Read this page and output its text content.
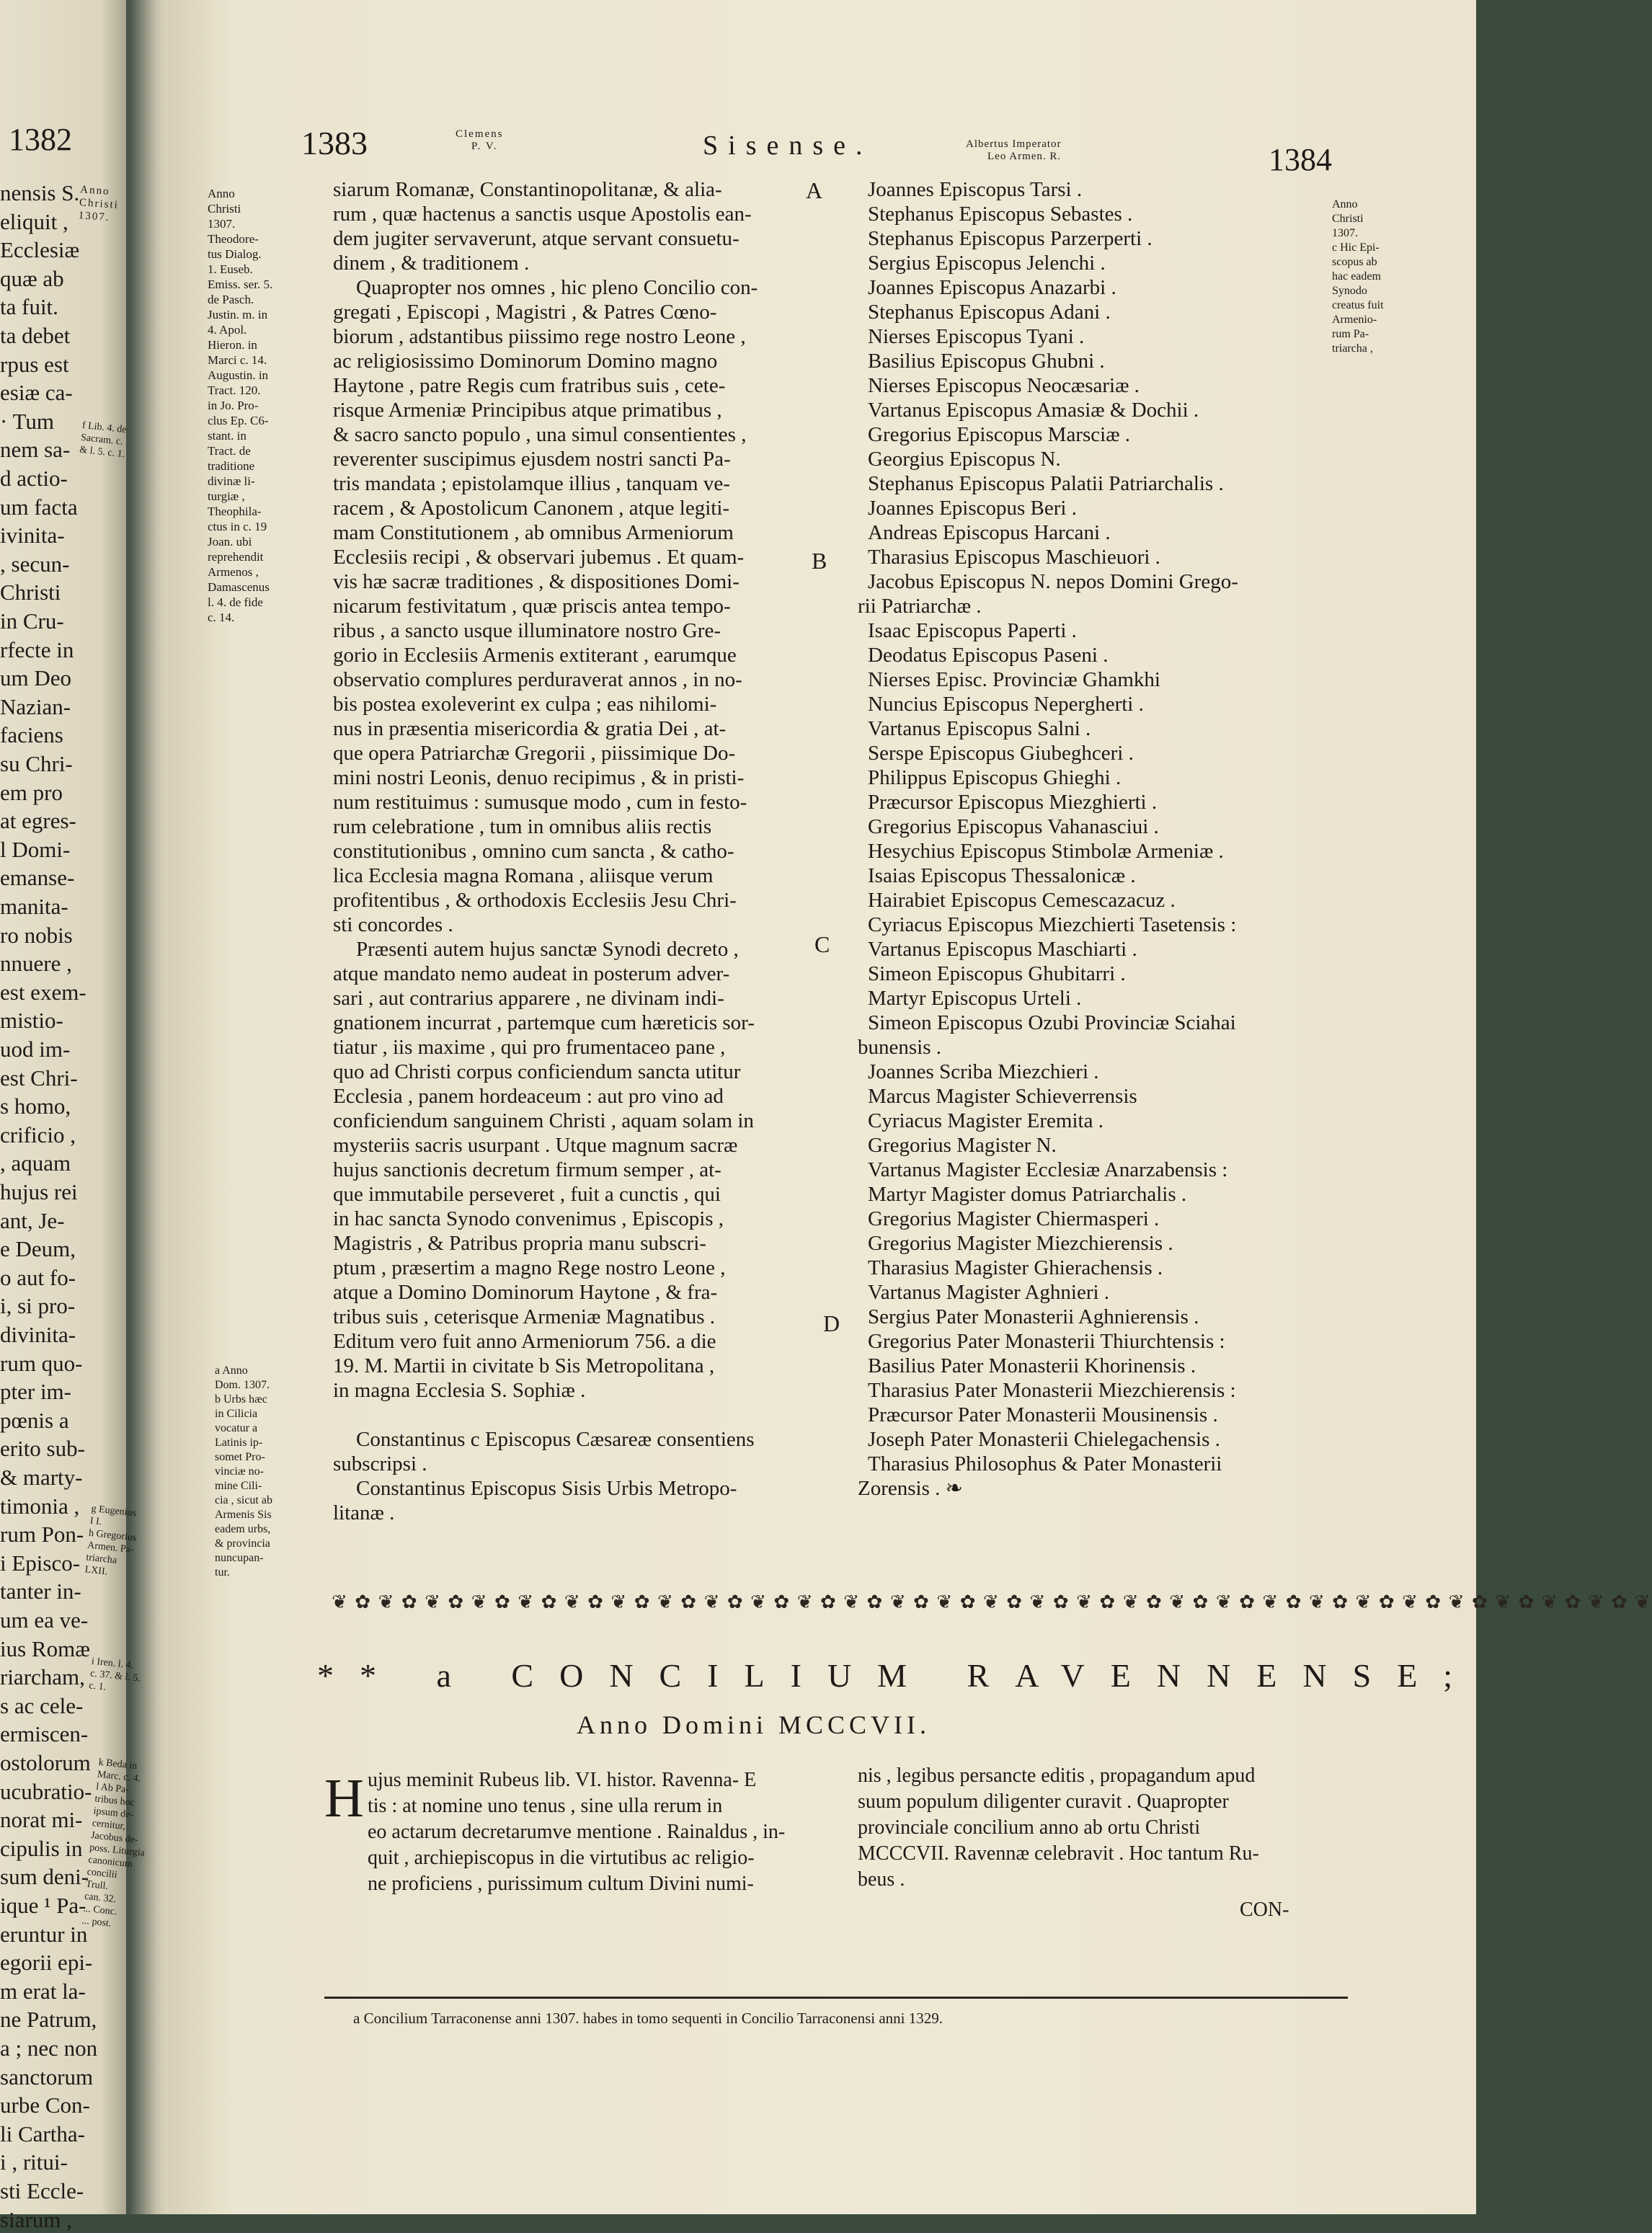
1382
Anno
Christi
1307.
nensis S.
eliquit ,
Ecclesiæ
quæ ab
ta fuit.
ta debet
rpus est
esiæ ca-
· Tum
nem sa-
d actio-
um facta
ivinita-
, secun-
Christi
in Cru-
rfecte in
um Deo
Nazian-
faciens
su Chri-
em pro
at egres-
l Domi-
emanse-
manita-
ro nobis
nnuere ,
est exem-
mistio-
uod im-
est Chri-
s homo,
crificio ,
, aquam
hujus rei
ant, Je-
e Deum,
o aut fo-
i, si pro-
divinita-
rum quo-
pter im-
pœnis a
erito sub-
& marty-
timonia ,
rum Pon-
i Episco-
tanter in-
um ea ve-
ius Romæ
riarcham,
s ac cele-
ermiscen-
ostolorum
ucubratio-
norat mi-
cipulis in
sum deni-
ique ¹ Pa-
eruntur in
egorii epi-
m erat la-
ne Patrum,
a ; nec non
sanctorum
urbe Con-
li Cartha-
i , ritui-
sti Eccle-
siarum ,
f Lib. 4. de
Sacram. c.
& l. 5. c. 1.
g Eugenius
I I.
h Gregorius
Armen. Pa-
triarcha
LXII.
i Iren. l. 4.
c. 37. & l. 5.
c. 1.
k Beda in
Marc. c. 4.
l Ab Pa-
tribus hoc
ipsum de-
cernitur,
Jacobus de-
poss. Liturgia
canonicum
concilii
Trull.
can. 32.
... Conc.
... post.
1383	Clemens
P. V.	Sisense.	Albertus Imperator
Leo Armen. R.	1384
Anno
Christi
1307.
Theodore-
tus Dialog.
1. Euseb.
Emiss. ser. 5.
de Pasch.
Justin. m. in
4. Apol.
Hieron. in
Marci c. 14.
Augustin. in
Tract. 120.
in Jo. Pro-
clus Ep. C6-
stant. in
Tract. de
traditione
divinæ li-
turgiæ ,
Theophila-
ctus in c. 19
Joan. ubi
reprehendit
Armenos ,
Damascenus
l. 4. de fide
c. 14.
a Anno
Dom. 1307.
b Urbs hæc
in Cilicia
vocatur a
Latinis ip-
somet Pro-
vinciæ no-
mine Cili-
cia , sicut ab
Armenis Sis
eadem urbs,
& provincia
nuncupan-
tur.
Anno
Christi
1307.
c Hic Epi-
scopus ab
hac eadem
Synodo
creatus fuit
Armenio-
rum Pa-
triarcha ,
siarum Romanæ, Constantinopolitanæ, & alia-
rum , quæ hactenus a sanctis usque Apostolis ean-
dem jugiter servaverunt, atque servant consuetu-
dinem , & traditionem .
Quapropter nos omnes , hic pleno Concilio con-
gregati , Episcopi , Magistri , & Patres Cœno-
biorum , adstantibus piissimo rege nostro Leone ,
ac religiosissimo Dominorum Domino magno
Haytone , patre Regis cum fratribus suis , cete-
risque Armeniæ Principibus atque primatibus ,
& sacro sancto populo , una simul consentientes ,
reverenter suscipimus ejusdem nostri sancti Pa-
tris mandata ; epistolamque illius , tanquam ve-
racem , & Apostolicum Canonem , atque legiti-
mam Constitutionem , ab omnibus Armeniorum
Ecclesiis recipi , & observari jubemus . Et quam-
vis hæ sacræ traditiones , & dispositiones Domi-
nicarum festivitatum , quæ priscis antea tempo-
ribus , a sancto usque illuminatore nostro Gre-
gorio in Ecclesiis Armenis extiterant , earumque
observatio complures perduraverat annos , in no-
bis postea exoleverint ex culpa ; eas nihilomi-
nus in præsentia misericordia & gratia Dei , at-
que opera Patriarchæ Gregorii , piissimique Do-
mini nostri Leonis, denuo recipimus , & in pristi-
num restituimus : sumusque modo , cum in festo-
rum celebratione , tum in omnibus aliis rectis
constitutionibus , omnino cum sancta , & catho-
lica Ecclesia magna Romana , aliisque verum
profitentibus , & orthodoxis Ecclesiis Jesu Chri-
sti concordes .
Præsenti autem hujus sanctæ Synodi decreto ,
atque mandato nemo audeat in posterum adver-
sari , aut contrarius apparere , ne divinam indi-
gnationem incurrat , partemque cum hæreticis sor-
tiatur , iis maxime , qui pro frumentaceo pane ,
quo ad Christi corpus conficiendum sancta utitur
Ecclesia , panem hordeaceum : aut pro vino ad
conficiendum sanguinem Christi , aquam solam in
mysteriis sacris usurpant . Utque magnum sacræ
hujus sanctionis decretum firmum semper , at-
que immutabile perseveret , fuit a cunctis , qui
in hac sancta Synodo convenimus , Episcopis ,
Magistris , & Patribus propria manu subscri-
ptum , præsertim a magno Rege nostro Leone ,
atque a Domino Dominorum Haytone , & fra-
tribus suis , ceterisque Armeniæ Magnatibus .
Editum vero fuit anno Armeniorum 756. a die
19. M. Martii in civitate b Sis Metropolitana ,
in magna Ecclesia S. Sophiæ .

Constantinus c Episcopus Cæsareæ consentiens
subscripsi .
Constantinus Episcopus Sisis Urbis Metropo-
litanæ .
Joannes Episcopus Tarsi .
Stephanus Episcopus Sebastes .
Stephanus Episcopus Parzerperti .
Sergius Episcopus Jelenchi .
Joannes Episcopus Anazarbi .
Stephanus Episcopus Adani .
Nierses Episcopus Tyani .
Basilius Episcopus Ghubni .
Nierses Episcopus Neocæsariæ .
Vartanus Episcopus Amasiæ & Dochii .
Gregorius Episcopus Marsciæ .
Georgius Episcopus N.
Stephanus Episcopus Palatii Patriarchalis .
Joannes Episcopus Beri .
Andreas Episcopus Harcani .
Tharasius Episcopus Maschieuori .
Jacobus Episcopus N. nepos Domini Grego-
rii Patriarchæ .
Isaac Episcopus Paperti .
Deodatus Episcopus Paseni .
Nierses Episc. Provinciæ Ghamkhi
Nuncius Episcopus Nepergherti .
Vartanus Episcopus Salni .
Serspe Episcopus Giubeghceri .
Philippus Episcopus Ghieghi .
Præcursor Episcopus Miezghierti .
Gregorius Episcopus Vahanasciui .
Hesychius Episcopus Stimbolæ Armeniæ .
Isaias Episcopus Thessalonicæ .
Hairabiet Episcopus Cemescazacuz .
Cyriacus Episcopus Miezchierti Tasetensis :
Vartanus Episcopus Maschiarti .
Simeon Episcopus Ghubitarri .
Martyr Episcopus Urteli .
Simeon Episcopus Ozubi Provinciæ Sciahai
bunensis .
Joannes Scriba Miezchieri .
Marcus Magister Schieverrensis
Cyriacus Magister Eremita .
Gregorius Magister N.
Vartanus Magister Ecclesiæ Anarzabensis :
Martyr Magister domus Patriarchalis .
Gregorius Magister Chiermasperi .
Gregorius Magister Miezchierensis .
Tharasius Magister Ghierachensis .
Vartanus Magister Aghnieri .
Sergius Pater Monasterii Aghnierensis .
Gregorius Pater Monasterii Thiurchtensis :
Basilius Pater Monasterii Khorinensis .
Tharasius Pater Monasterii Miezchierensis :
Præcursor Pater Monasterii Mousinensis .
Joseph Pater Monasterii Chielegachensis .
Tharasius Philosophus & Pater Monasterii
Zorensis . ❧
A
B
C
D
❦ ✿ ❦ ✿ ❦ ✿ ❦ ✿ ❦ ✿ ❦ ✿ ❦ ✿ ❦ ✿ ❦ ✿ ❦ ✿ ❦ ✿ ❦ ✿ ❦ ✿ ❦ ✿ ❦ ✿ ❦ ✿ ❦ ✿ ❦ ✿ ❦ ✿ ❦ ✿ ❦ ✿ ❦ ✿ ❦ ✿ ❦ ✿ ❦ ✿ ❦ ✿ ❦ ✿ ❦ ✿ ❦
** a CONCILIUM RAVENNENSE;
Anno Domini MCCCVII.
H ujus meminit Rubeus lib. VI. histor. Ravenna- E
tis : at nomine uno tenus , sine ulla rerum in
eo actarum decretarumve mentione . Rainaldus , in-
quit , archiepiscopus in die virtutibus ac religio-
ne proficiens , purissimum cultum Divini numi-
nis , legibus persancte editis , propagandum apud
suum populum diligenter curavit . Quapropter
provinciale concilium anno ab ortu Christi
MCCCVII. Ravennæ celebravit . Hoc tantum Ru-
beus .
CON-
a Concilium Tarraconense anni 1307. habes in tomo sequenti in Concilio Tarraconensi anni 1329.
